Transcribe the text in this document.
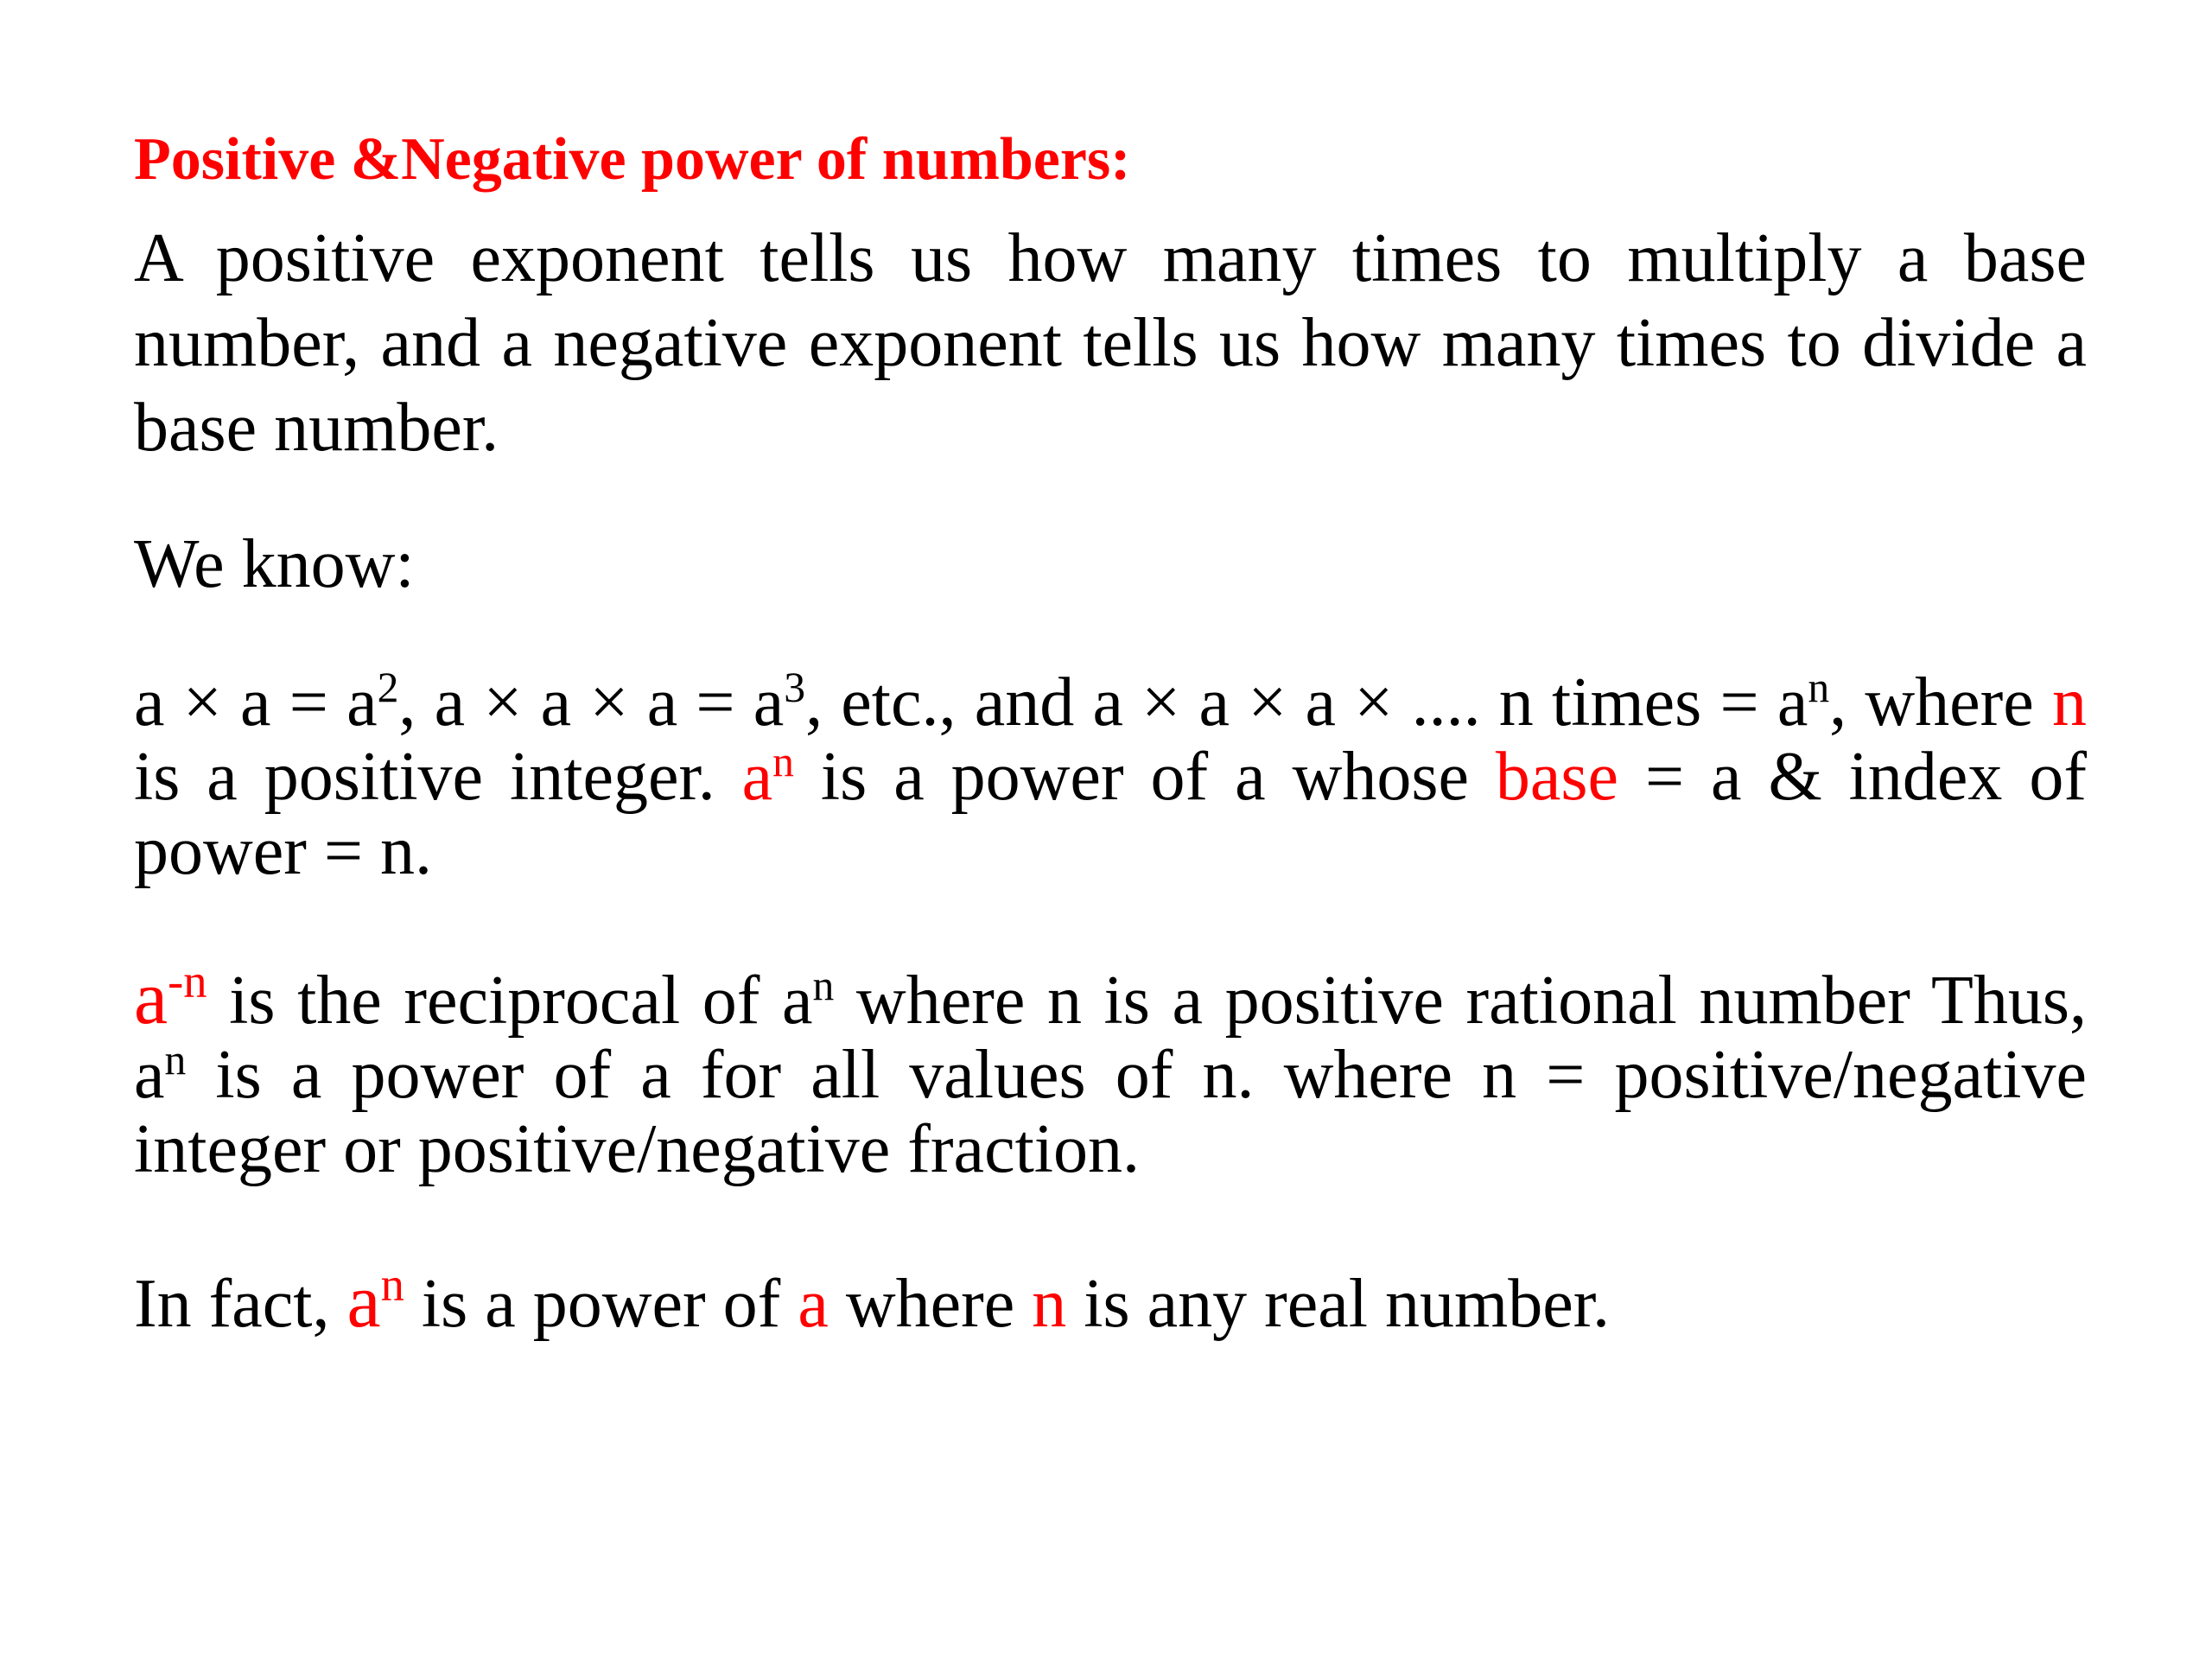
Positive &Negative power of numbers:

A positive exponent tells us how many times to multiply a base number, and a negative exponent tells us how many times to divide a base number.

We know:

$a \times a = a^2$, $a \times a \times a = a^3$, etc., and a × a × a × .... n times = $a^n$, where n is a positive integer. $a^n$ is a power of a whose base = a & index of power = n.

$a^{-n}$ is the reciprocal of $a^n$ where n is a positive rational number Thus, $a^n$ is a power of a for all values of n. where n = positive/negative integer or positive/negative fraction.

In fact, $a^n$ is a power of a where n is any real number.
